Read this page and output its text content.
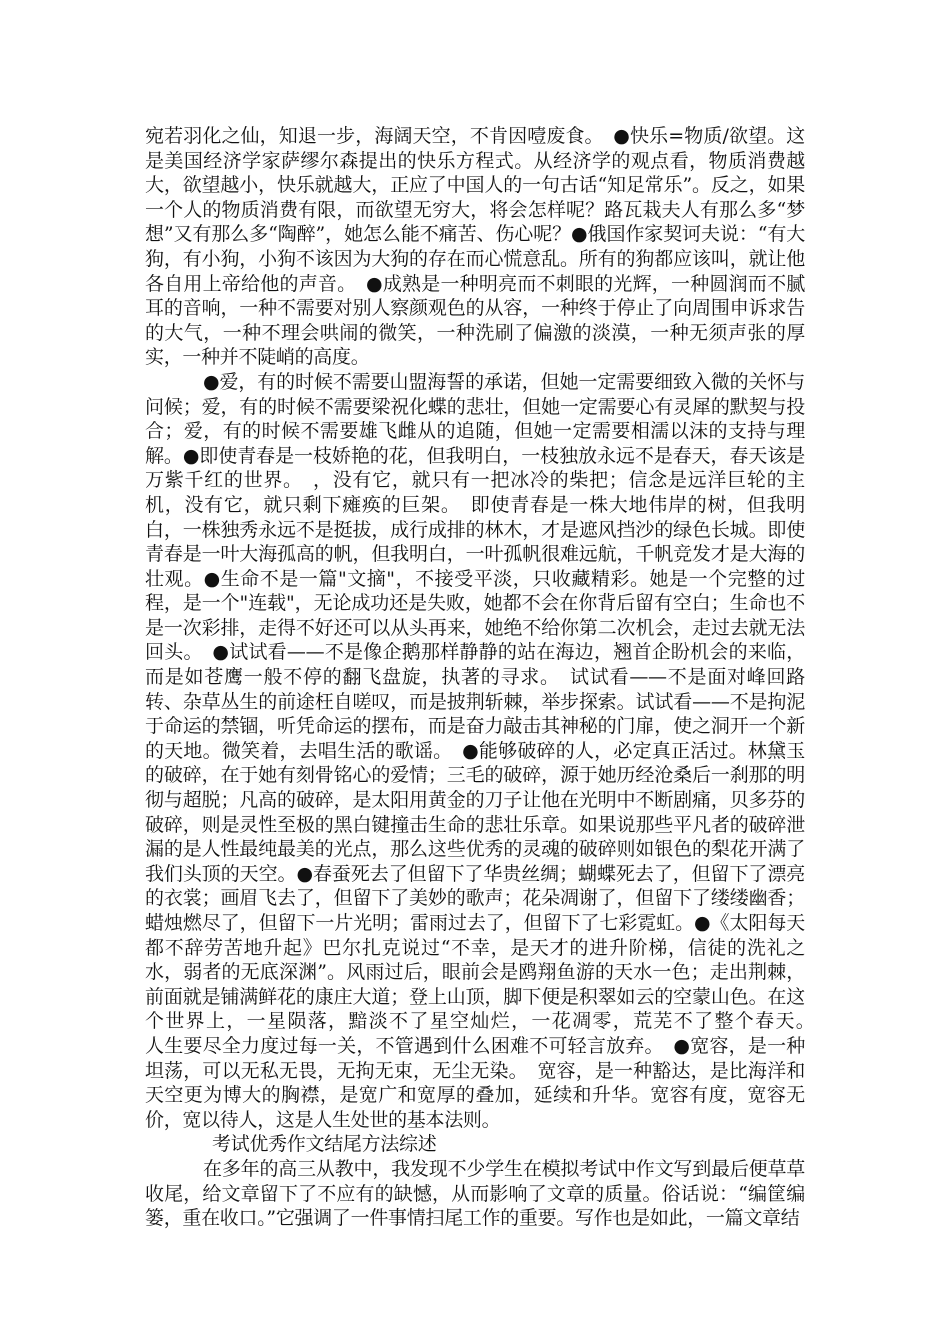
宛若羽化之仙，知退一步，海阔天空，不肯因噎废食。　●快乐=物质/欲望。这是美国经济学家萨缪尔森提出的快乐方程式。从经济学的观点看，物质消费越大，欲望越小，快乐就越大，正应了中国人的一句古话“知足常乐”。反之，如果一个人的物质消费有限，而欲望无穷大，将会怎样呢？路瓦栽夫人有那么多“梦想”又有那么多“陶醉”，她怎么能不痛苦、伤心呢？●俄国作家契诃夫说：“有大狗，有小狗，小狗不该因为大狗的存在而心慌意乱。所有的狗都应该叫，就让他各自用上帝给他的声音。　●成熟是一种明亮而不刺眼的光辉，一种圆润而不腻耳的音响，一种不需要对别人察颜观色的从容，一种终于停止了向周围申诉求告的大气，一种不理会哄闹的微笑，一种洗刷了偏激的淡漠，一种无须声张的厚实，一种并不陡峭的高度。

●爱，有的时候不需要山盟海誓的承诺，但她一定需要细致入微的关怀与问候；爱，有的时候不需要梁祝化蝶的悲壮，但她一定需要心有灵犀的默契与投合；爱，有的时候不需要雄飞雌从的追随，但她一定需要相濡以沫的支持与理解。●即使青春是一枝娇艳的花，但我明白，一枝独放永远不是春天，春天该是万紫千红的世界。　，没有它，就只有一把冰冷的柴把；信念是远洋巨轮的主机，没有它，就只剩下瘫痪的巨架。　即使青春是一株大地伟岸的树，但我明白，一株独秀永远不是挺拔，成行成排的林木，才是遮风挡沙的绿色长城。即使青春是一叶大海孤高的帆，但我明白，一叶孤帆很难远航，千帆竞发才是大海的壮观。●生命不是一篇"文摘"，不接受平淡，只收藏精彩。她是一个完整的过程，是一个"连载"，无论成功还是失败，她都不会在你背后留有空白；生命也不是一次彩排，走得不好还可以从头再来，她绝不给你第二次机会，走过去就无法回头。　●试试看——不是像企鹅那样静静的站在海边，翘首企盼机会的来临，而是如苍鹰一般不停的翻飞盘旋，执著的寻求。　试试看——不是面对峰回路转、杂草丛生的前途枉自嗟叹，而是披荆斩棘，举步探索。试试看——不是拘泥于命运的禁锢，听凭命运的摆布，而是奋力敲击其神秘的门扉，使之洞开一个新的天地。微笑着，去唱生活的歌谣。　●能够破碎的人，必定真正活过。林黛玉的破碎，在于她有刻骨铭心的爱情；三毛的破碎，源于她历经沧桑后一刹那的明彻与超脱；凡高的破碎，是太阳用黄金的刀子让他在光明中不断剧痛，贝多芬的破碎，则是灵性至极的黑白键撞击生命的悲壮乐章。如果说那些平凡者的破碎泄漏的是人性最纯最美的光点，那么这些优秀的灵魂的破碎则如银色的梨花开满了我们头顶的天空。●春蚕死去了但留下了华贵丝绸；蝴蝶死去了，但留下了漂亮的衣裳；画眉飞去了，但留下了美妙的歌声；花朵凋谢了，但留下了缕缕幽香；蜡烛燃尽了，但留下一片光明；雷雨过去了，但留下了七彩霓虹。●《太阳每天都不辞劳苦地升起》巴尔扎克说过“不幸，是天才的进升阶梯，信徒的洗礼之水，弱者的无底深渊”。风雨过后，眼前会是鸥翔鱼游的天水一色；走出荆棘，前面就是铺满鲜花的康庄大道；登上山顶，脚下便是积翠如云的空蒙山色。在这个世界上，一星陨落，黯淡不了星空灿烂，一花凋零，荒芜不了整个春天。　　人生要尽全力度过每一关，不管遇到什么困难不可轻言放弃。　●宽容，是一种坦荡，可以无私无畏，无拘无束，无尘无染。　宽容，是一种豁达，是比海洋和天空更为博大的胸襟，是宽广和宽厚的叠加，延续和升华。宽容有度，宽容无价，宽以待人，这是人生处世的基本法则。

考试优秀作文结尾方法综述

在多年的高三从教中，我发现不少学生在模拟考试中作文写到最后便草草收尾，给文章留下了不应有的缺憾，从而影响了文章的质量。俗话说：“编筐编篓，重在收口。”它强调了一件事情扫尾工作的重要。写作也是如此，一篇文章结
